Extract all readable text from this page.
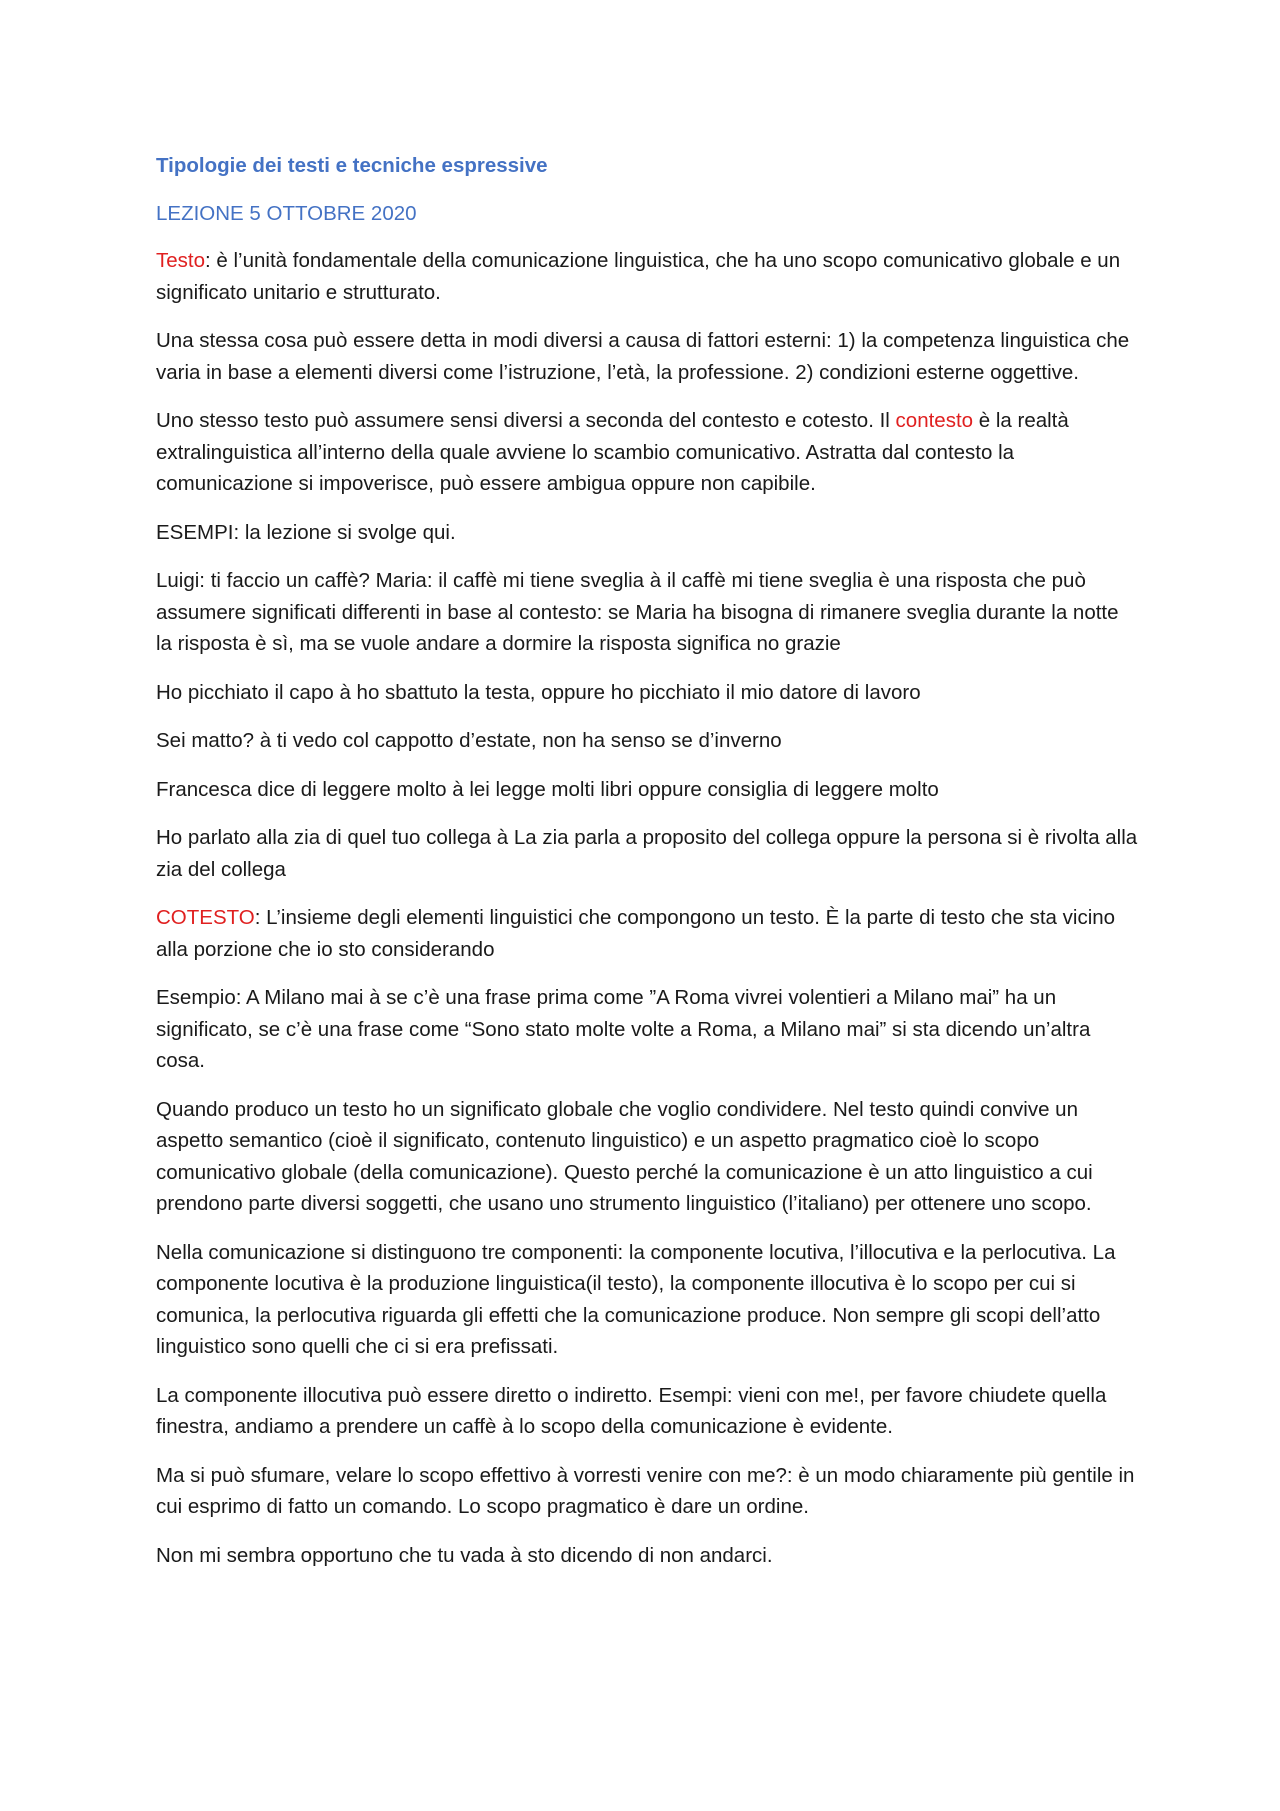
Tipologie dei testi e tecniche espressive
LEZIONE 5 OTTOBRE 2020

Testo: è l’unità fondamentale della comunicazione linguistica, che ha uno scopo comunicativo globale e un significato unitario e strutturato.

Una stessa cosa può essere detta in modi diversi a causa di fattori esterni: 1) la competenza linguistica che varia in base a elementi diversi come l’istruzione, l’età, la professione. 2) condizioni esterne oggettive.

Uno stesso testo può assumere sensi diversi a seconda del contesto e cotesto. Il contesto è la realtà extralinguistica all’interno della quale avviene lo scambio comunicativo. Astratta dal contesto la comunicazione si impoverisce, può essere ambigua oppure non capibile.

ESEMPI: la lezione si svolge qui.

Luigi: ti faccio un caffè? Maria: il caffè mi tiene sveglia à il caffè mi tiene sveglia è una risposta che può assumere significati differenti in base al contesto: se Maria ha bisogna di rimanere sveglia durante la notte la risposta è sì, ma se vuole andare a dormire la risposta significa no grazie

Ho picchiato il capo à ho sbattuto la testa, oppure ho picchiato il mio datore di lavoro

Sei matto? à ti vedo col cappotto d’estate, non ha senso se d’inverno

Francesca dice di leggere molto à lei legge molti libri oppure consiglia di leggere molto

Ho parlato alla zia di quel tuo collega à La zia parla a proposito del collega oppure la persona si è rivolta alla zia del collega

COTESTO: L’insieme degli elementi linguistici che compongono un testo. È la parte di testo che sta vicino alla porzione che io sto considerando

Esempio: A Milano mai à se c’è una frase prima come ”A Roma vivrei volentieri a Milano mai” ha un significato, se c’è una frase come “Sono stato molte volte a Roma, a Milano mai” si sta dicendo un’altra cosa.

Quando produco un testo ho un significato globale che voglio condividere. Nel testo quindi convive un aspetto semantico (cioè il significato, contenuto linguistico) e un aspetto pragmatico cioè lo scopo comunicativo globale (della comunicazione). Questo perché la comunicazione è un atto linguistico a cui prendono parte diversi soggetti, che usano uno strumento linguistico (l’italiano) per ottenere uno scopo.

Nella comunicazione si distinguono tre componenti: la componente locutiva, l’illocutiva e la perlocutiva. La componente locutiva è la produzione linguistica(il testo), la componente illocutiva è lo scopo per cui si comunica, la perlocutiva riguarda gli effetti che la comunicazione produce. Non sempre gli scopi dell’atto linguistico sono quelli che ci si era prefissati.

La componente illocutiva può essere diretto o indiretto. Esempi: vieni con me!, per favore chiudete quella finestra, andiamo a prendere un caffè à lo scopo della comunicazione è evidente.

Ma si può sfumare, velare lo scopo effettivo à vorresti venire con me?: è un modo chiaramente più gentile in cui esprimo di fatto un comando. Lo scopo pragmatico è dare un ordine.

Non mi sembra opportuno che tu vada à sto dicendo di non andarci.
